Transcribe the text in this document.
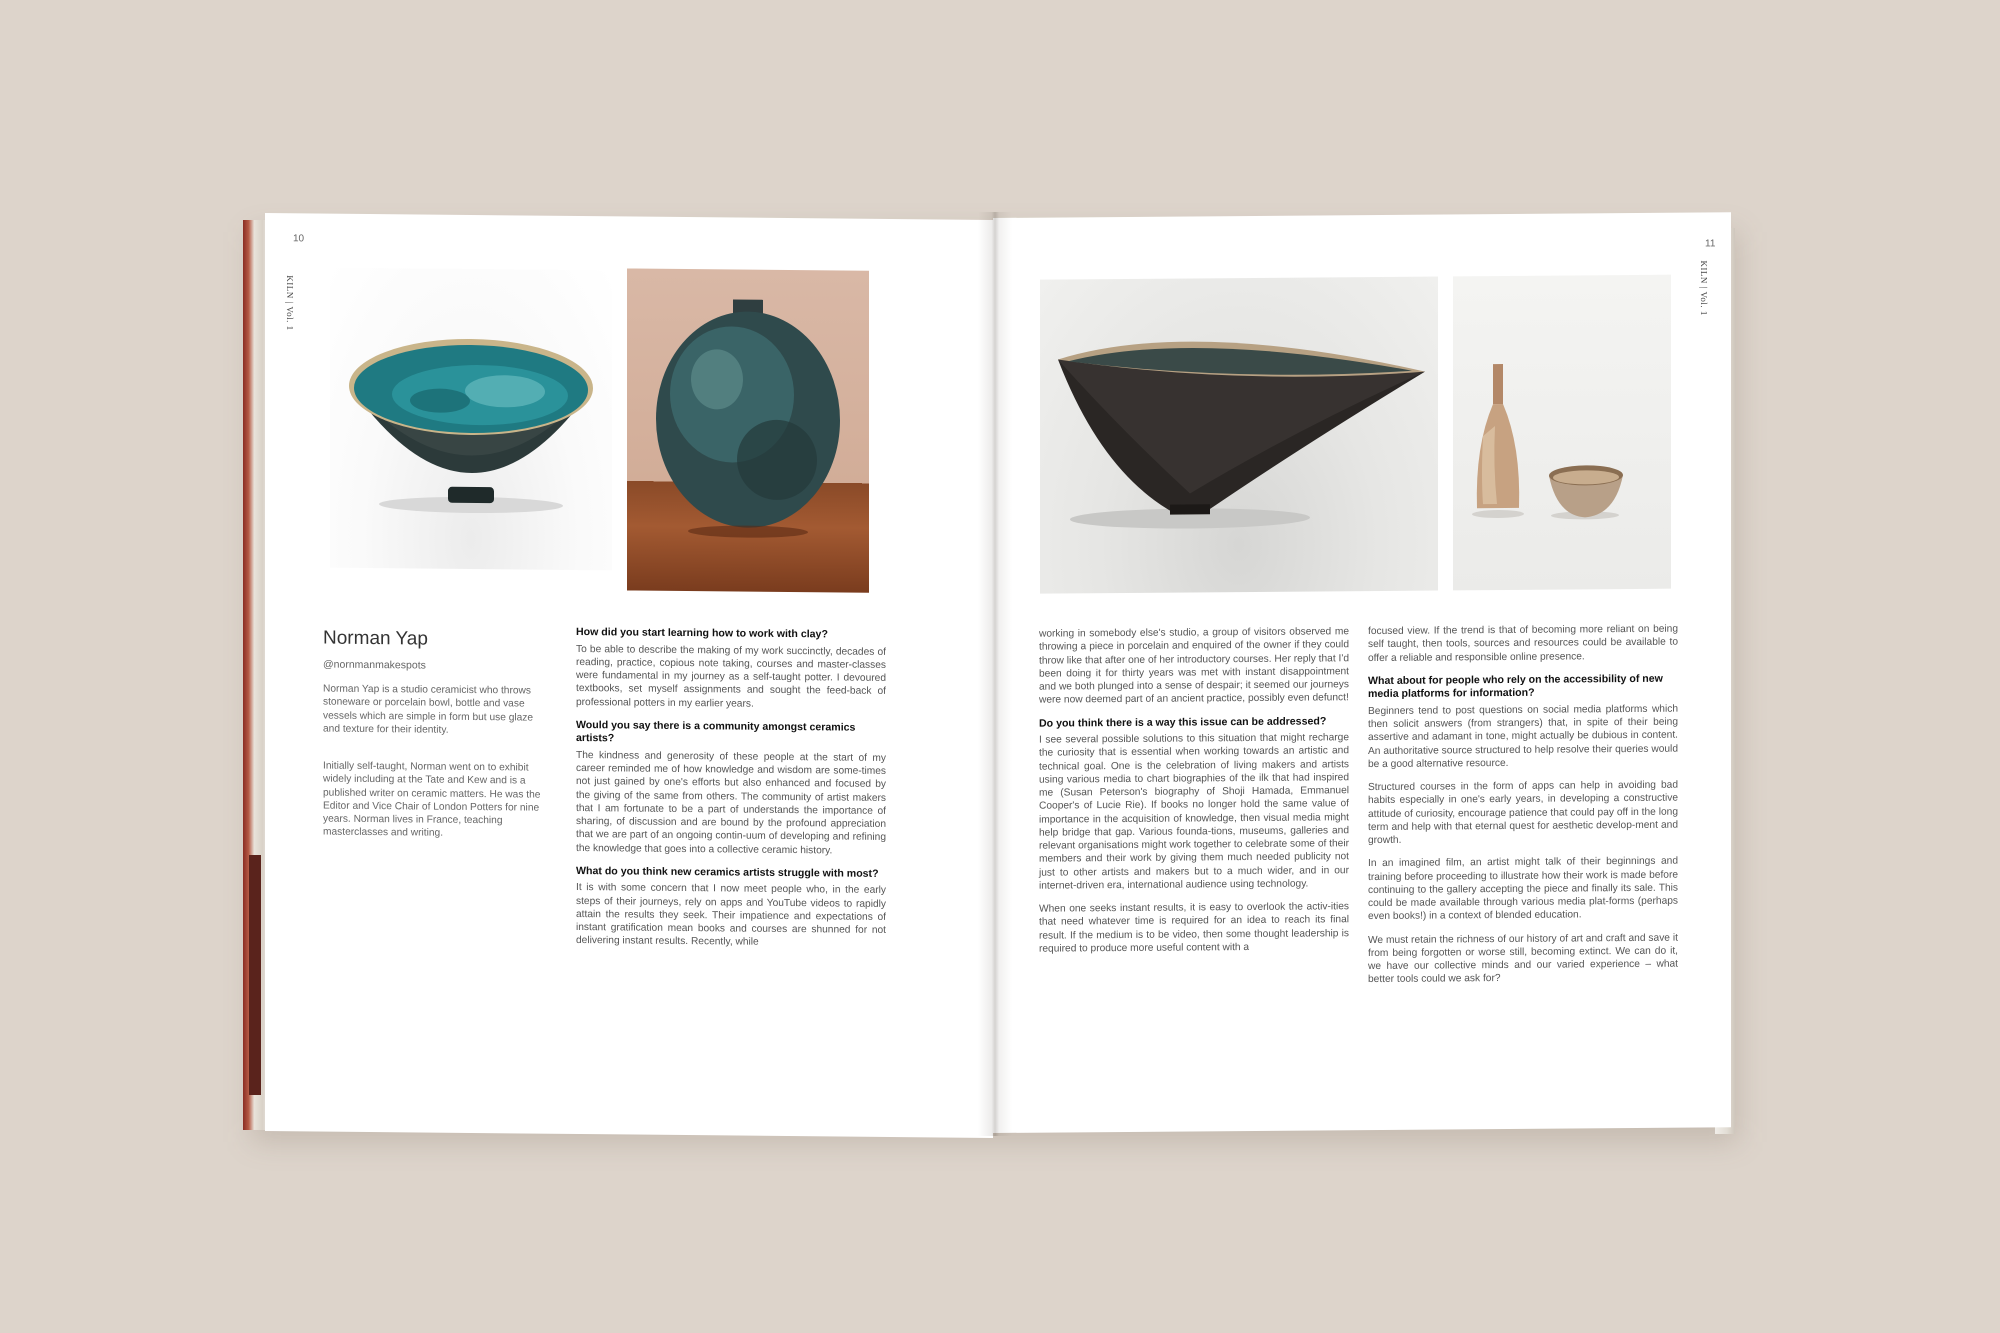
10
KILN | Vol. 1
Norman Yap
@nornmanmakespots

Norman Yap is a studio ceramicist who throws stoneware or porcelain bowl, bottle and vase vessels which are simple in form but use glaze and texture for their identity.

Initially self-taught, Norman went on to exhibit widely including at the Tate and Kew and is a published writer on ceramic matters. He was the Editor and Vice Chair of London Potters for nine years. Norman lives in France, teaching masterclasses and writing.

How did you start learning how to work with clay?

To be able to describe the making of my work succinctly, decades of reading, practice, copious note taking, courses and master-classes were fundamental in my journey as a self-taught potter. I devoured textbooks, set myself assignments and sought the feed-back of professional potters in my earlier years.

Would you say there is a community amongst ceramics artists?

The kindness and generosity of these people at the start of my career reminded me of how knowledge and wisdom are some-times not just gained by one's efforts but also enhanced and focused by the giving of the same from others. The community of artist makers that I am fortunate to be a part of understands the importance of sharing, of discussion and are bound by the profound appreciation that we are part of an ongoing contin-uum of developing and refining the knowledge that goes into a collective ceramic history.

What do you think new ceramics artists struggle with most?

It is with some concern that I now meet people who, in the early steps of their journeys, rely on apps and YouTube videos to rapidly attain the results they seek. Their impatience and expectations of instant gratification mean books and courses are shunned for not delivering instant results. Recently, while

11
KILN | Vol. 1

working in somebody else's studio, a group of visitors observed me throwing a piece in porcelain and enquired of the owner if they could throw like that after one of her introductory courses. Her reply that I'd been doing it for thirty years was met with instant disappointment and we both plunged into a sense of despair; it seemed our journeys were now deemed part of an ancient practice, possibly even defunct!

Do you think there is a way this issue can be addressed?

I see several possible solutions to this situation that might recharge the curiosity that is essential when working towards an artistic and technical goal. One is the celebration of living makers and artists using various media to chart biographies of the ilk that had inspired me (Susan Peterson's biography of Shoji Hamada, Emmanuel Cooper's of Lucie Rie). If books no longer hold the same value of importance in the acquisition of knowledge, then visual media might help bridge that gap. Various founda-tions, museums, galleries and relevant organisations might work together to celebrate some of their members and their work by giving them much needed publicity not just to other artists and makers but to a much wider, and in our internet-driven era, international audience using technology.

When one seeks instant results, it is easy to overlook the activ-ities that need whatever time is required for an idea to reach its final result. If the medium is to be video, then some thought leadership is required to produce more useful content with a

focused view. If the trend is that of becoming more reliant on being self taught, then tools, sources and resources could be available to offer a reliable and responsible online presence.

What about for people who rely on the accessibility of new media platforms for information?

Beginners tend to post questions on social media platforms which then solicit answers (from strangers) that, in spite of their being assertive and adamant in tone, might actually be dubious in content. An authoritative source structured to help resolve their queries would be a good alternative resource.

Structured courses in the form of apps can help in avoiding bad habits especially in one's early years, in developing a constructive attitude of curiosity, encourage patience that could pay off in the long term and help with that eternal quest for aesthetic develop-ment and growth.

In an imagined film, an artist might talk of their beginnings and training before proceeding to illustrate how their work is made before continuing to the gallery accepting the piece and finally its sale. This could be made available through various media plat-forms (perhaps even books!) in a context of blended education.

We must retain the richness of our history of art and craft and save it from being forgotten or worse still, becoming extinct. We can do it, we have our collective minds and our varied experience – what better tools could we ask for?
